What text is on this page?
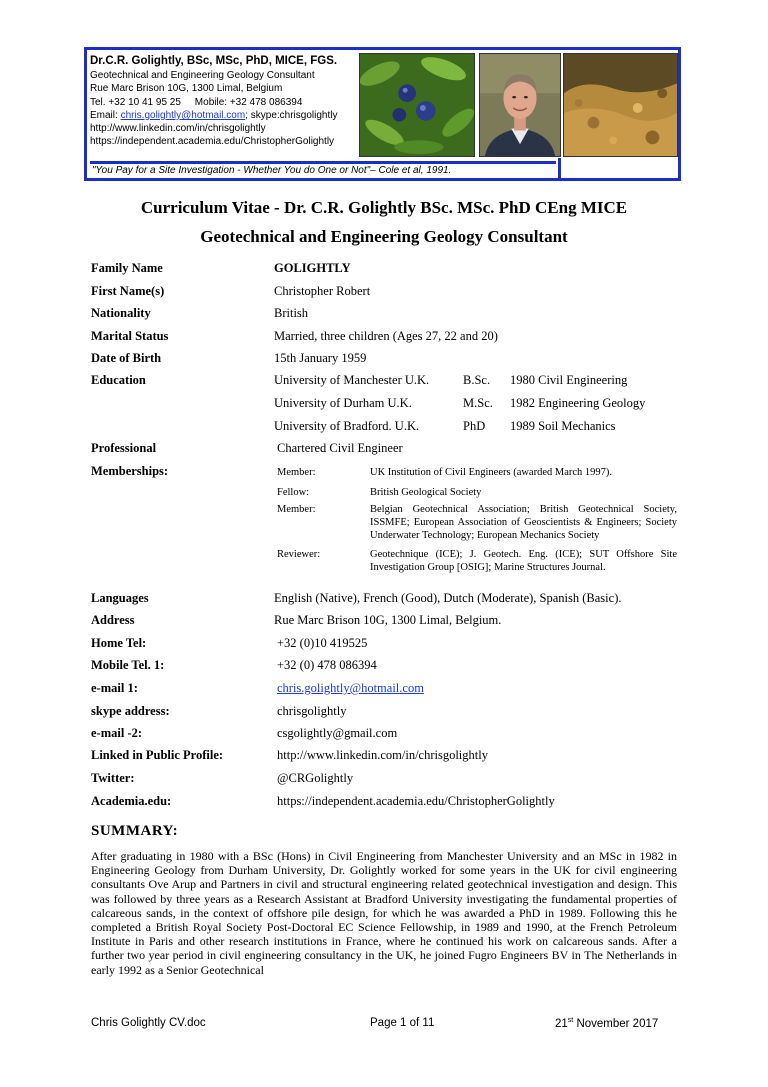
Dr.C.R. Golightly, BSc, MSc, PhD, MICE, FGS.
Geotechnical and Engineering Geology Consultant
Rue Marc Brison 10G, 1300 Limal, Belgium
Tel. +32 10 41 95 25     Mobile: +32 478 086394
Email: chris.golightly@hotmail.com; skype:chrisgolightly
http://www.linkedin.com/in/chrisgolightly
https://independent.academia.edu/ChristopherGolightly
"You Pay for a Site Investigation - Whether You do One or Not"– Cole et al, 1991.
Curriculum Vitae - Dr. C.R. Golightly BSc. MSc. PhD CEng MICE
Geotechnical and Engineering Geology Consultant
Family Name	GOLIGHTLY
First Name(s)	Christopher Robert
Nationality	British
Marital Status	Married, three children (Ages 27, 22 and 20)
Date of Birth	15th January 1959
Education	University of Manchester U.K.	B.Sc. 1980 Civil Engineering
University of Durham U.K.	M.Sc. 1982 Engineering Geology
University of Bradford. U.K.	PhD 1989 Soil Mechanics
Professional	Chartered Civil Engineer
Memberships:	Member:	UK Institution of Civil Engineers (awarded March 1997).
Fellow:	British Geological Society
Member:	Belgian Geotechnical Association; British Geotechnical Society, ISSMFE; European Association of Geoscientists & Engineers; Society Underwater Technology; European Mechanics Society
Reviewer:	Geotechnique (ICE); J. Geotech. Eng. (ICE); SUT Offshore Site Investigation Group [OSIG]; Marine Structures Journal.
Languages	English (Native), French (Good), Dutch (Moderate), Spanish (Basic).
Address	Rue Marc Brison 10G, 1300 Limal, Belgium.
Home Tel:	+32 (0)10 419525
Mobile Tel. 1:	+32 (0) 478 086394
e-mail 1:	chris.golightly@hotmail.com
skype address:	chrisgolightly
e-mail -2:	csgolightly@gmail.com
Linked in Public Profile:	http://www.linkedin.com/in/chrisgolightly
Twitter:	@CRGolightly
Academia.edu:	https://independent.academia.edu/ChristopherGolightly
SUMMARY:
After graduating in 1980 with a BSc (Hons) in Civil Engineering from Manchester University and an MSc in 1982 in Engineering Geology from Durham University, Dr. Golightly worked for some years in the UK for civil engineering consultants Ove Arup and Partners in civil and structural engineering related geotechnical investigation and design. This was followed by three years as a Research Assistant at Bradford University investigating the fundamental properties of calcareous sands, in the context of offshore pile design, for which he was awarded a PhD in 1989. Following this he completed a British Royal Society Post-Doctoral EC Science Fellowship, in 1989 and 1990, at the French Petroleum Institute in Paris and other research institutions in France, where he continued his work on calcareous sands. After a further two year period in civil engineering consultancy in the UK, he joined Fugro Engineers BV in The Netherlands in early 1992 as a Senior Geotechnical
Chris Golightly CV.doc	Page 1 of 11	21st November 2017
